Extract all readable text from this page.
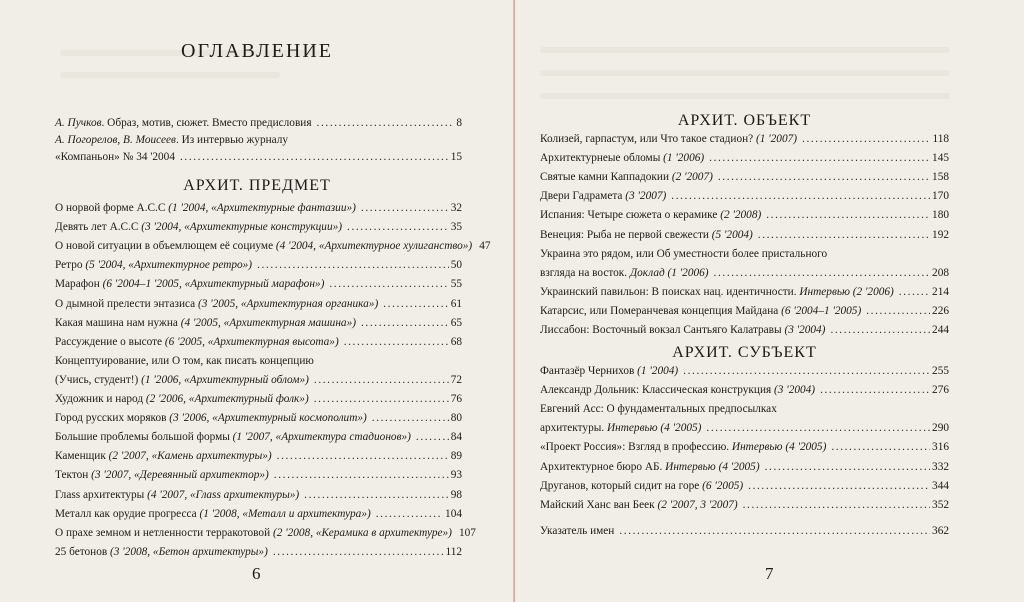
ОГЛАВЛЕНИЕ
А. Пучков. Образ, мотив, сюжет. Вместо предисловия .....	8
А. Погорелов, В. Моисеев. Из интервью журналу
«Компаньон» № 34 '2004 .....	15
АРХИТ. ПРЕДМЕТ
О норвой форме А.С.С (1 '2004, «Архитектурные фантазии») .....	32
Девять лет А.С.С (3 '2004, «Архитектурные конструкции») .....	35
О новой ситуации в объемлющем её социуме (4 '2004, «Архитектурное хулиганство») 47
Ретро (5 '2004, «Архитектурное ретро») .....	50
Марафон (6 '2004–1 '2005, «Архитектурный марафон») .....	55
О дымной прелести энтазиса (3 '2005, «Архитектурная органика») .....	61
Какая машина нам нужна (4 '2005, «Архитектурная машина») .....	65
Рассуждение о высоте (6 '2005, «Архитектурная высота») .....	68
Концептуирование, или О том, как писать концепцию
(Учись, студент!) (1 '2006, «Архитектурный облом») .....	72
Художник и народ (2 '2006, «Архитектурный фолк») .....	76
Город русских моряков (3 '2006, «Архитектурный космополит») .....	80
Большие проблемы большой формы (1 '2007, «Архитектура стадионов») .....	84
Каменщик (2 '2007, «Камень архитектуры») .....	89
Тектон (3 '2007, «Деревянный архитектор») .....	93
Глass архитектуры (4 '2007, «Глass архитектуры») .....	98
Металл как орудие прогресса (1 '2008, «Металл и архитектура») .....	104
О прахе земном и нетленности терракотовой (2 '2008, «Керамика в архитектуре») 107
25 бетонов (3 '2008, «Бетон архитектуры») .....	112
6
АРХИТ. ОБЪЕКТ
Колизей, гарпастум, или Что такое стадион? (1 '2007) .....	118
Архитектурнеые обломы (1 '2006) .....	145
Святые камни Каппадокии (2 '2007) .....	158
Двери Гадрамета (3 '2007) .....	170
Испания: Четыре сюжета о керамике (2 '2008) .....	180
Венеция: Рыба не первой свежести (5 '2004) .....	192
Украина это рядом, или Об уместности более пристального
взгляда на восток. Доклад (1 '2006) .....	208
Украинский павильон: В поисках нац. идентичности. Интервью (2 '2006) .....	214
Катарсис, или Померанчевая концепция Майдана (6 '2004–1 '2005) .....	226
Лиссабон: Восточный вокзал Сантьяго Калатравы (3 '2004) .....	244
АРХИТ. СУБЪЕКТ
Фантазёр Чернихов (1 '2004) .....	255
Александр Дольник: Классическая конструкция (3 '2004) .....	276
Евгений Асс: О фундаментальных предпосылках
архитектуры. Интервью (4 '2005) .....	290
«Проект Россия»: Взгляд в профессию. Интервью (4 '2005) .....	316
Архитектурное бюро АБ. Интервью (4 '2005) .....	332
Друганов, который сидит на горе (6 '2005) .....	344
Майский Ханс ван Беек (2 '2007, 3 '2007) .....	352
Указатель имен .....	362
7
